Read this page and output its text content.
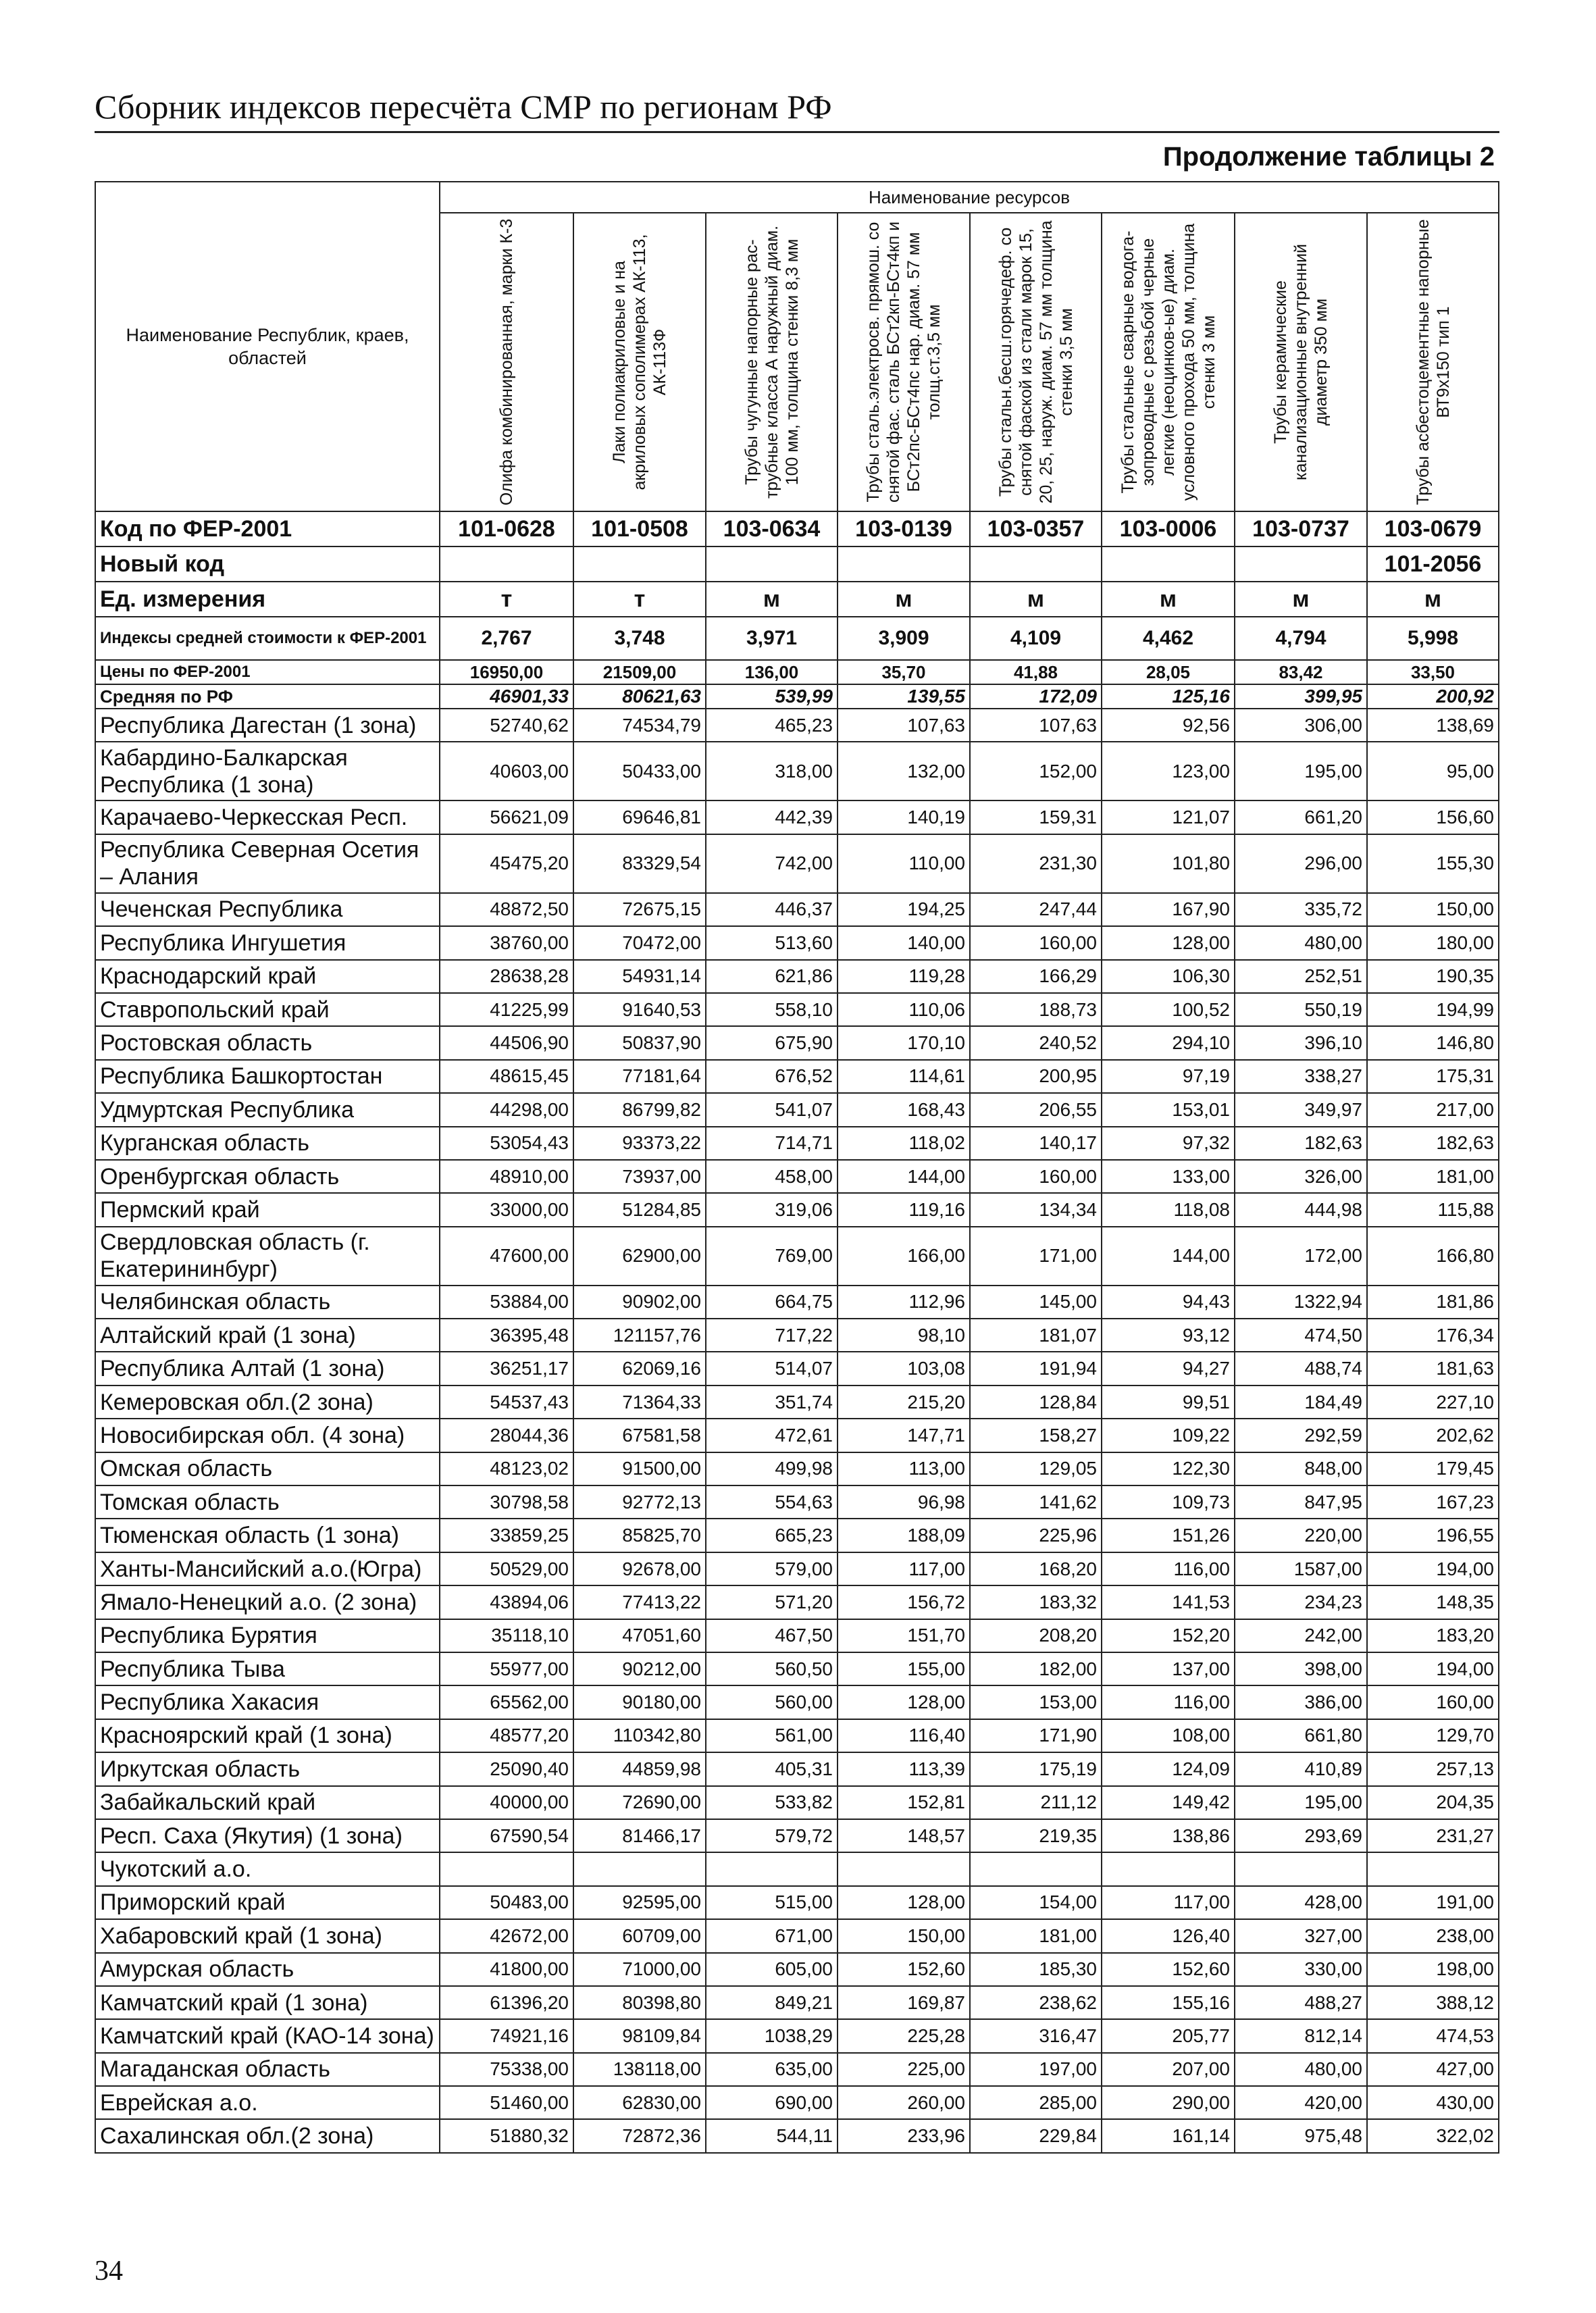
Сборник индексов пересчёта СМР по регионам РФ
Продолжение таблицы 2
Наименование Республик, краев, областей	Наименование ресурсов							

	Олифа комбинированная, марки К-3	Лаки полиакриловые и на акриловых сополимерах АК-113, АК-113Ф	Трубы чугунные напорные рас-трубные класса А наружный диам. 100 мм, толщина стенки 8,3 мм	Трубы сталь.электросв. прямош. со снятой фас. сталь БСт2кп-БСт4кп и БСт2пс-БСт4пс нар. диам. 57 мм толщ.ст.3,5 мм	Трубы стальн.бесш.горячедеф. со снятой фаской из стали марок 15, 20, 25, наруж. диам. 57 мм толщина стенки 3,5 мм	Трубы стальные сварные водога-зопроводные с резьбой черные легкие (неоцинков-ые) диам. условного прохода 50 мм, толщина стенки 3 мм	Трубы керамические канализационные внутренний диаметр 350 мм	Трубы асбестоцементные напорные ВТ9х150 тип 1

Код по ФЕР-2001	101-0628	101-0508	103-0634	103-0139	103-0357	103-0006	103-0737	103-0679
Новый код								101-2056
Ед. измерения	т	т	м	м	м	м	м	м
Индексы средней стоимости к ФЕР-2001	2,767	3,748	3,971	3,909	4,109	4,462	4,794	5,998
Цены по ФЕР-2001	16950,00	21509,00	136,00	35,70	41,88	28,05	83,42	33,50
Средняя по РФ	46901,33	80621,63	539,99	139,55	172,09	125,16	399,95	200,92
Республика Дагестан (1 зона)	52740,62	74534,79	465,23	107,63	107,63	92,56	306,00	138,69
Кабардино-Балкарская Республика (1 зона)	40603,00	50433,00	318,00	132,00	152,00	123,00	195,00	95,00
Карачаево-Черкесская Респ.	56621,09	69646,81	442,39	140,19	159,31	121,07	661,20	156,60
Республика Северная Осетия – Алания	45475,20	83329,54	742,00	110,00	231,30	101,80	296,00	155,30
Чеченская Республика	48872,50	72675,15	446,37	194,25	247,44	167,90	335,72	150,00
Республика Ингушетия	38760,00	70472,00	513,60	140,00	160,00	128,00	480,00	180,00
Краснодарский край	28638,28	54931,14	621,86	119,28	166,29	106,30	252,51	190,35
Ставропольский край	41225,99	91640,53	558,10	110,06	188,73	100,52	550,19	194,99
Ростовская область	44506,90	50837,90	675,90	170,10	240,52	294,10	396,10	146,80
Республика Башкортостан	48615,45	77181,64	676,52	114,61	200,95	97,19	338,27	175,31
Удмуртская Республика	44298,00	86799,82	541,07	168,43	206,55	153,01	349,97	217,00
Курганская область	53054,43	93373,22	714,71	118,02	140,17	97,32	182,63	182,63
Оренбургская область	48910,00	73937,00	458,00	144,00	160,00	133,00	326,00	181,00
Пермский край	33000,00	51284,85	319,06	119,16	134,34	118,08	444,98	115,88
Свердловская область (г. Екатерининбург)	47600,00	62900,00	769,00	166,00	171,00	144,00	172,00	166,80
Челябинская область	53884,00	90902,00	664,75	112,96	145,00	94,43	1322,94	181,86
Алтайский край (1 зона)	36395,48	121157,76	717,22	98,10	181,07	93,12	474,50	176,34
Республика Алтай (1 зона)	36251,17	62069,16	514,07	103,08	191,94	94,27	488,74	181,63
Кемеровская обл.(2 зона)	54537,43	71364,33	351,74	215,20	128,84	99,51	184,49	227,10
Новосибирская обл. (4 зона)	28044,36	67581,58	472,61	147,71	158,27	109,22	292,59	202,62
Омская область	48123,02	91500,00	499,98	113,00	129,05	122,30	848,00	179,45
Томская область	30798,58	92772,13	554,63	96,98	141,62	109,73	847,95	167,23
Тюменская область (1 зона)	33859,25	85825,70	665,23	188,09	225,96	151,26	220,00	196,55
Ханты-Мансийский а.о.(Югра)	50529,00	92678,00	579,00	117,00	168,20	116,00	1587,00	194,00
Ямало-Ненецкий а.о. (2 зона)	43894,06	77413,22	571,20	156,72	183,32	141,53	234,23	148,35
Республика Бурятия	35118,10	47051,60	467,50	151,70	208,20	152,20	242,00	183,20
Республика Тыва	55977,00	90212,00	560,50	155,00	182,00	137,00	398,00	194,00
Республика Хакасия	65562,00	90180,00	560,00	128,00	153,00	116,00	386,00	160,00
Красноярский край (1 зона)	48577,20	110342,80	561,00	116,40	171,90	108,00	661,80	129,70
Иркутская область	25090,40	44859,98	405,31	113,39	175,19	124,09	410,89	257,13
Забайкальский край	40000,00	72690,00	533,82	152,81	211,12	149,42	195,00	204,35
Респ. Саха (Якутия) (1 зона)	67590,54	81466,17	579,72	148,57	219,35	138,86	293,69	231,27
Чукотский а.о.								
Приморский край	50483,00	92595,00	515,00	128,00	154,00	117,00	428,00	191,00
Хабаровский край (1 зона)	42672,00	60709,00	671,00	150,00	181,00	126,40	327,00	238,00
Амурская область	41800,00	71000,00	605,00	152,60	185,30	152,60	330,00	198,00
Камчатский край (1 зона)	61396,20	80398,80	849,21	169,87	238,62	155,16	488,27	388,12
Камчатский край (КАО-14 зона)	74921,16	98109,84	1038,29	225,28	316,47	205,77	812,14	474,53
Магаданская область	75338,00	138118,00	635,00	225,00	197,00	207,00	480,00	427,00
Еврейская а.о.	51460,00	62830,00	690,00	260,00	285,00	290,00	420,00	430,00
Сахалинская обл.(2 зона)	51880,32	72872,36	544,11	233,96	229,84	161,14	975,48	322,02
34
